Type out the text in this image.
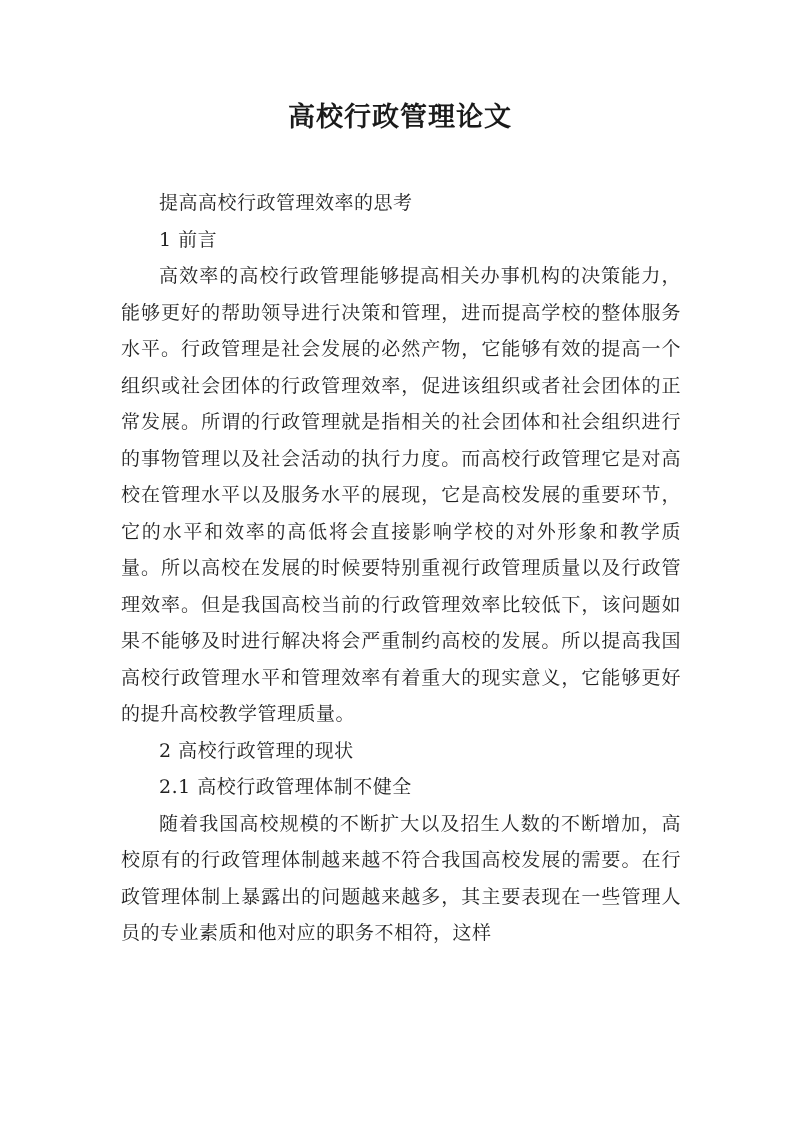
高校行政管理论文

提高高校行政管理效率的思考

1 前言

高效率的高校行政管理能够提高相关办事机构的决策能力，能够更好的帮助领导进行决策和管理，进而提高学校的整体服务水平。行政管理是社会发展的必然产物，它能够有效的提高一个组织或社会团体的行政管理效率，促进该组织或者社会团体的正常发展。所谓的行政管理就是指相关的社会团体和社会组织进行的事物管理以及社会活动的执行力度。而高校行政管理它是对高校在管理水平以及服务水平的展现，它是高校发展的重要环节，它的水平和效率的高低将会直接影响学校的对外形象和教学质量。所以高校在发展的时候要特别重视行政管理质量以及行政管理效率。但是我国高校当前的行政管理效率比较低下，该问题如果不能够及时进行解决将会严重制约高校的发展。所以提高我国高校行政管理水平和管理效率有着重大的现实意义，它能够更好的提升高校教学管理质量。

2 高校行政管理的现状

2.1 高校行政管理体制不健全

随着我国高校规模的不断扩大以及招生人数的不断增加，高校原有的行政管理体制越来越不符合我国高校发展的需要。在行政管理体制上暴露出的问题越来越多，其主要表现在一些管理人员的专业素质和他对应的职务不相符，这样
